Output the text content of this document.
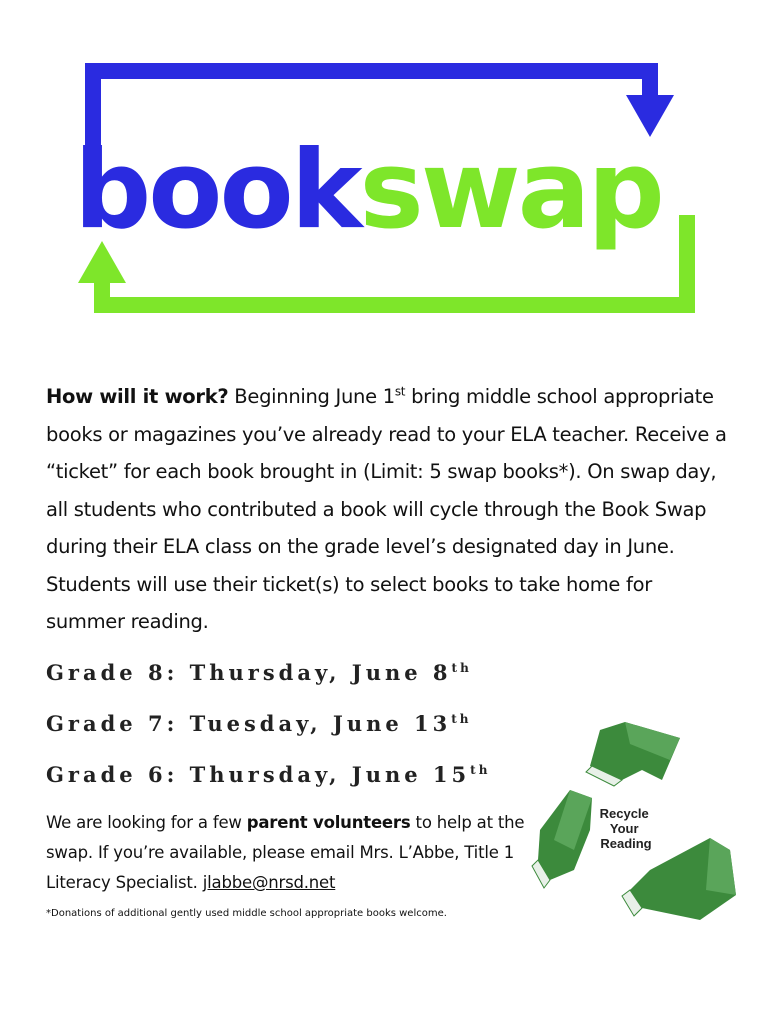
bookswap

How will it work? Beginning June 1st bring middle school appropriate books or magazines you’ve already read to your ELA teacher. Receive a “ticket” for each book brought in (Limit: 5 swap books*). On swap day, all students who contributed a book will cycle through the Book Swap during their ELA class on the grade level’s designated day in June. Students will use their ticket(s) to select books to take home for summer reading.

Grade 8: Thursday, June 8th

Grade 7: Tuesday, June 13th

Grade 6: Thursday, June 15th

We are looking for a few parent volunteers to help at the swap. If you’re available, please email Mrs. L’Abbe, Title 1 Literacy Specialist. jlabbe@nrsd.net

*Donations of additional gently used middle school appropriate books welcome.

Recycle Your Reading
